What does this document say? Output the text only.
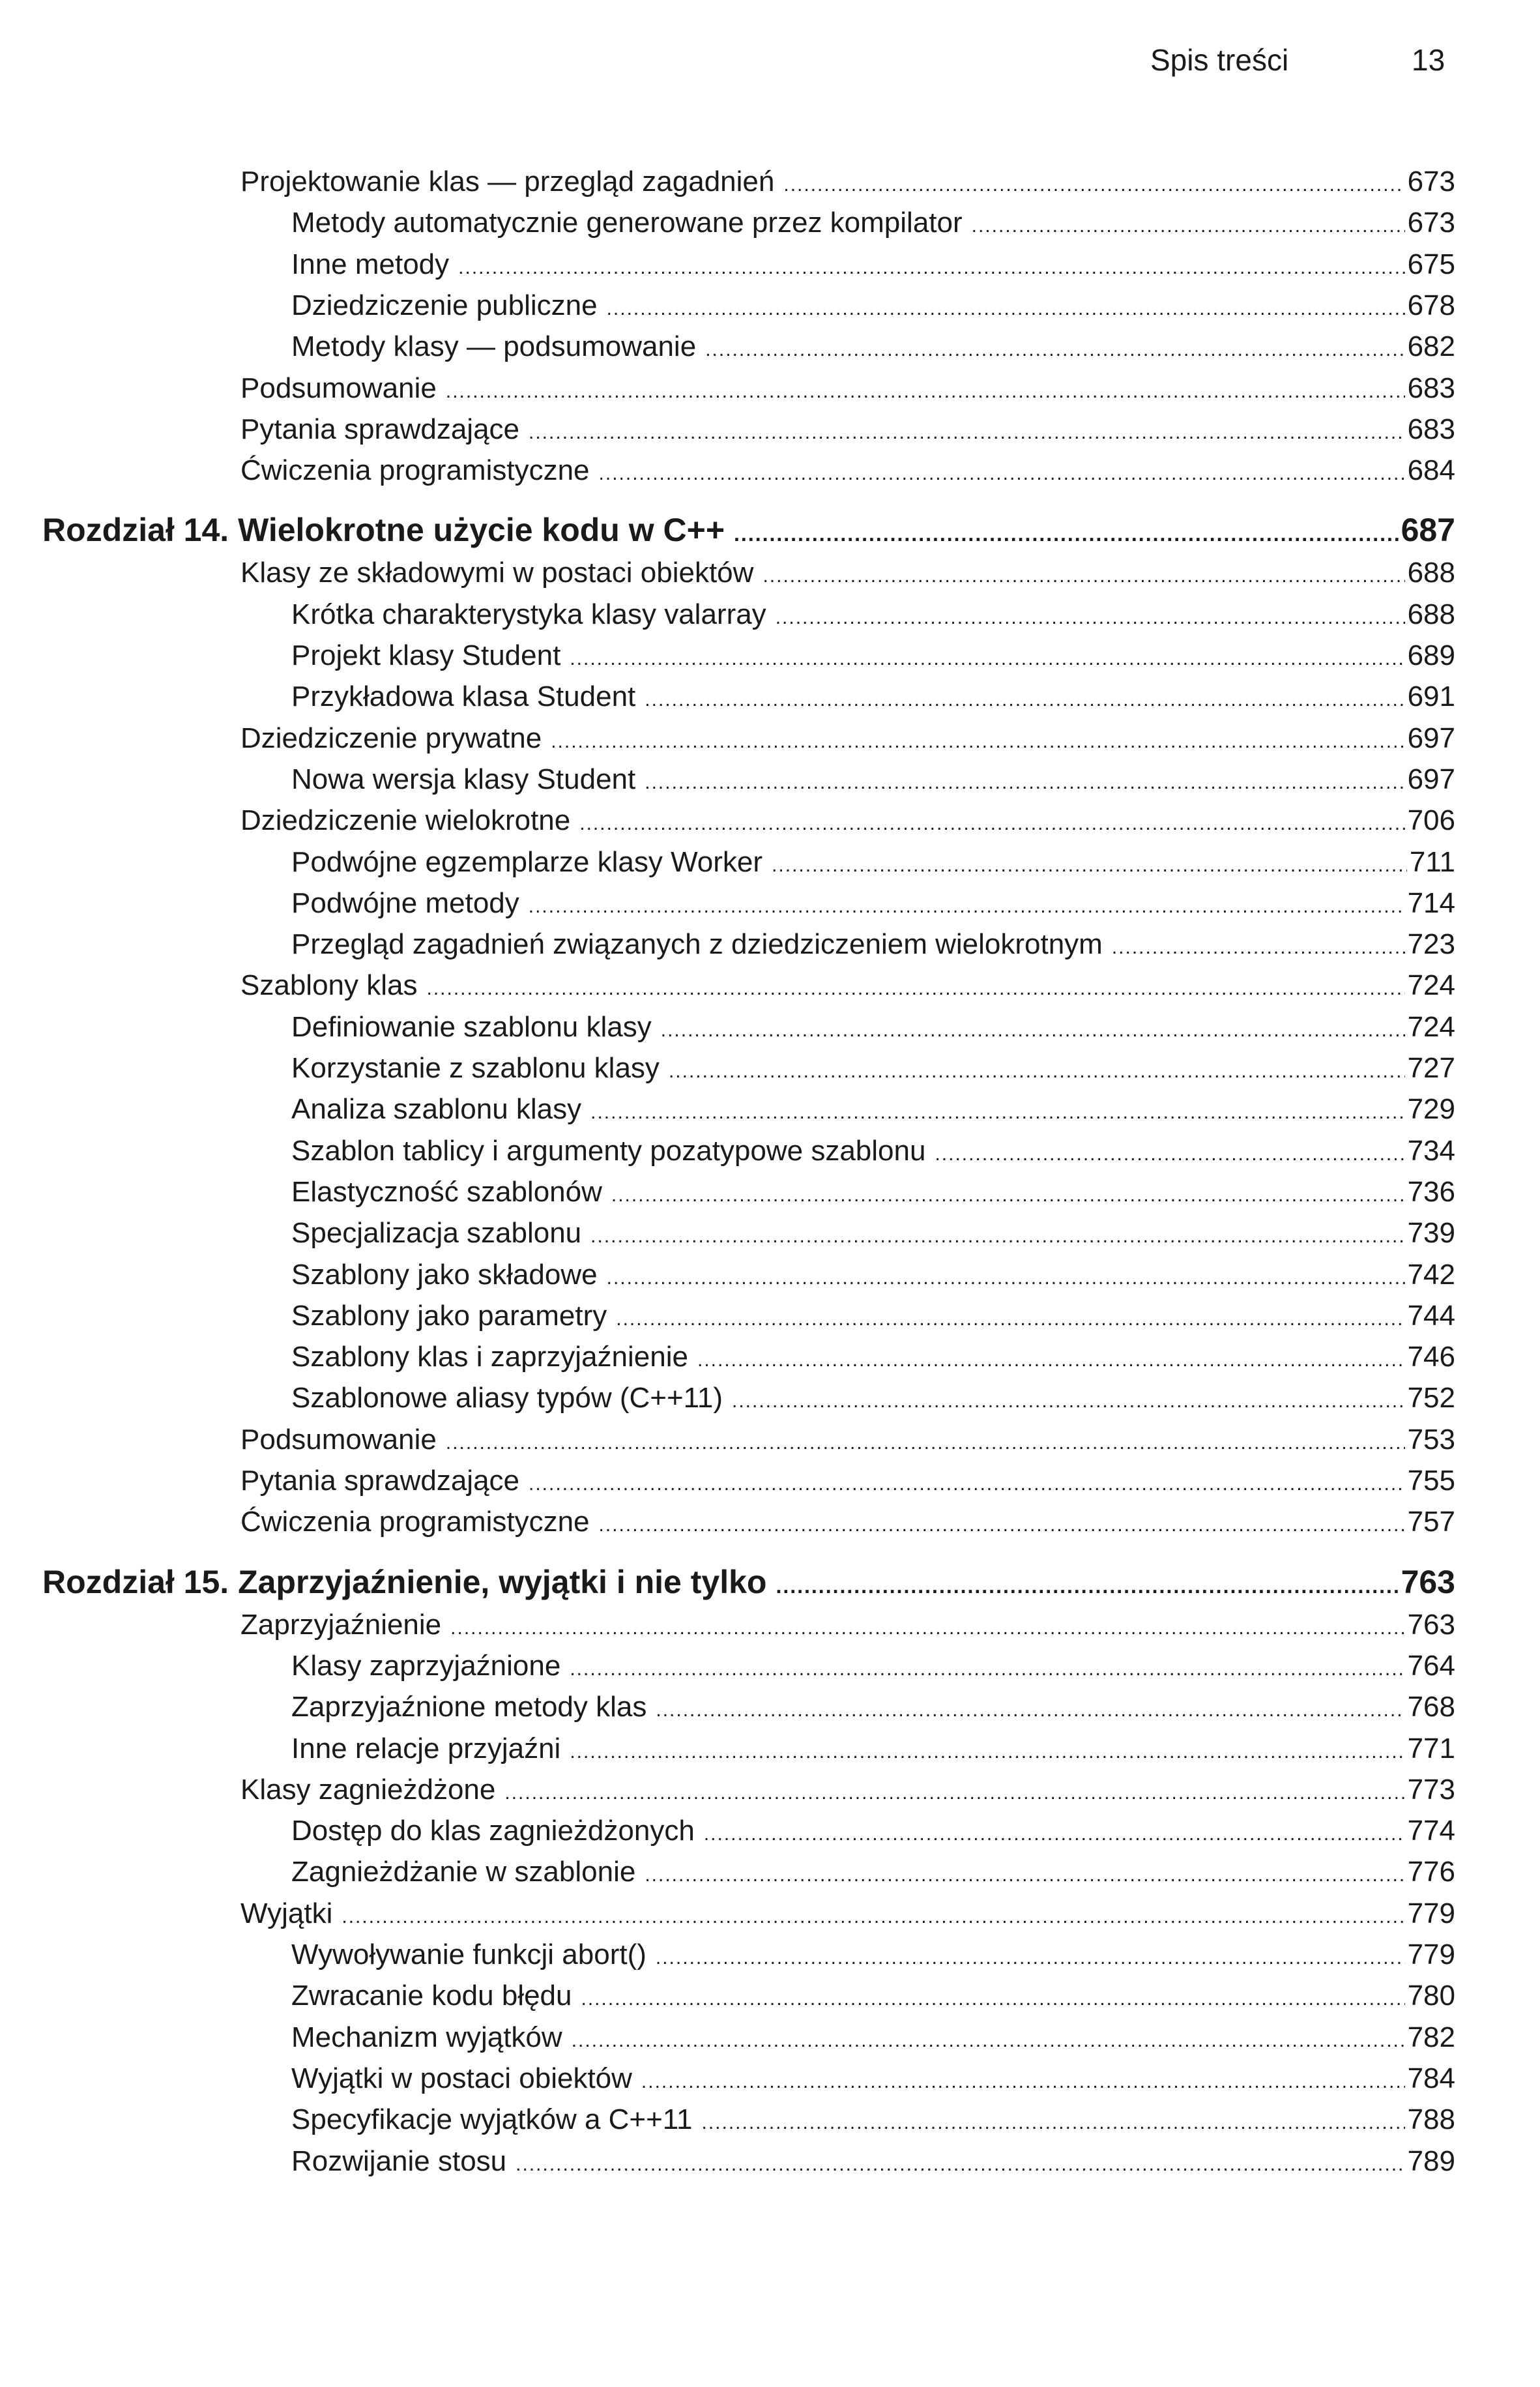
Spis treści	13
Projektowanie klas — przegląd zagadnień .....	673
Metody automatycznie generowane przez kompilator .....	673
Inne metody .....	675
Dziedziczenie publiczne .....	678
Metody klasy — podsumowanie .....	682
Podsumowanie .....	683
Pytania sprawdzające .....	683
Ćwiczenia programistyczne .....	684
Rozdział 14. Wielokrotne użycie kodu w C++ .....	687
Klasy ze składowymi w postaci obiektów .....	688
Krótka charakterystyka klasy valarray .....	688
Projekt klasy Student .....	689
Przykładowa klasa Student .....	691
Dziedziczenie prywatne .....	697
Nowa wersja klasy Student .....	697
Dziedziczenie wielokrotne .....	706
Podwójne egzemplarze klasy Worker .....	711
Podwójne metody .....	714
Przegląd zagadnień związanych z dziedziczeniem wielokrotnym .....	723
Szablony klas .....	724
Definiowanie szablonu klasy .....	724
Korzystanie z szablonu klasy .....	727
Analiza szablonu klasy .....	729
Szablon tablicy i argumenty pozatypowe szablonu .....	734
Elastyczność szablonów .....	736
Specjalizacja szablonu .....	739
Szablony jako składowe .....	742
Szablony jako parametry .....	744
Szablony klas i zaprzyjaźnienie .....	746
Szablonowe aliasy typów (C++11) .....	752
Podsumowanie .....	753
Pytania sprawdzające .....	755
Ćwiczenia programistyczne .....	757
Rozdział 15. Zaprzyjaźnienie, wyjątki i nie tylko .....	763
Zaprzyjaźnienie .....	763
Klasy zaprzyjaźnione .....	764
Zaprzyjaźnione metody klas .....	768
Inne relacje przyjaźni .....	771
Klasy zagnieżdżone .....	773
Dostęp do klas zagnieżdżonych .....	774
Zagnieżdżanie w szablonie .....	776
Wyjątki .....	779
Wywoływanie funkcji abort() .....	779
Zwracanie kodu błędu .....	780
Mechanizm wyjątków .....	782
Wyjątki w postaci obiektów .....	784
Specyfikacje wyjątków a C++11 .....	788
Rozwijanie stosu .....	789
